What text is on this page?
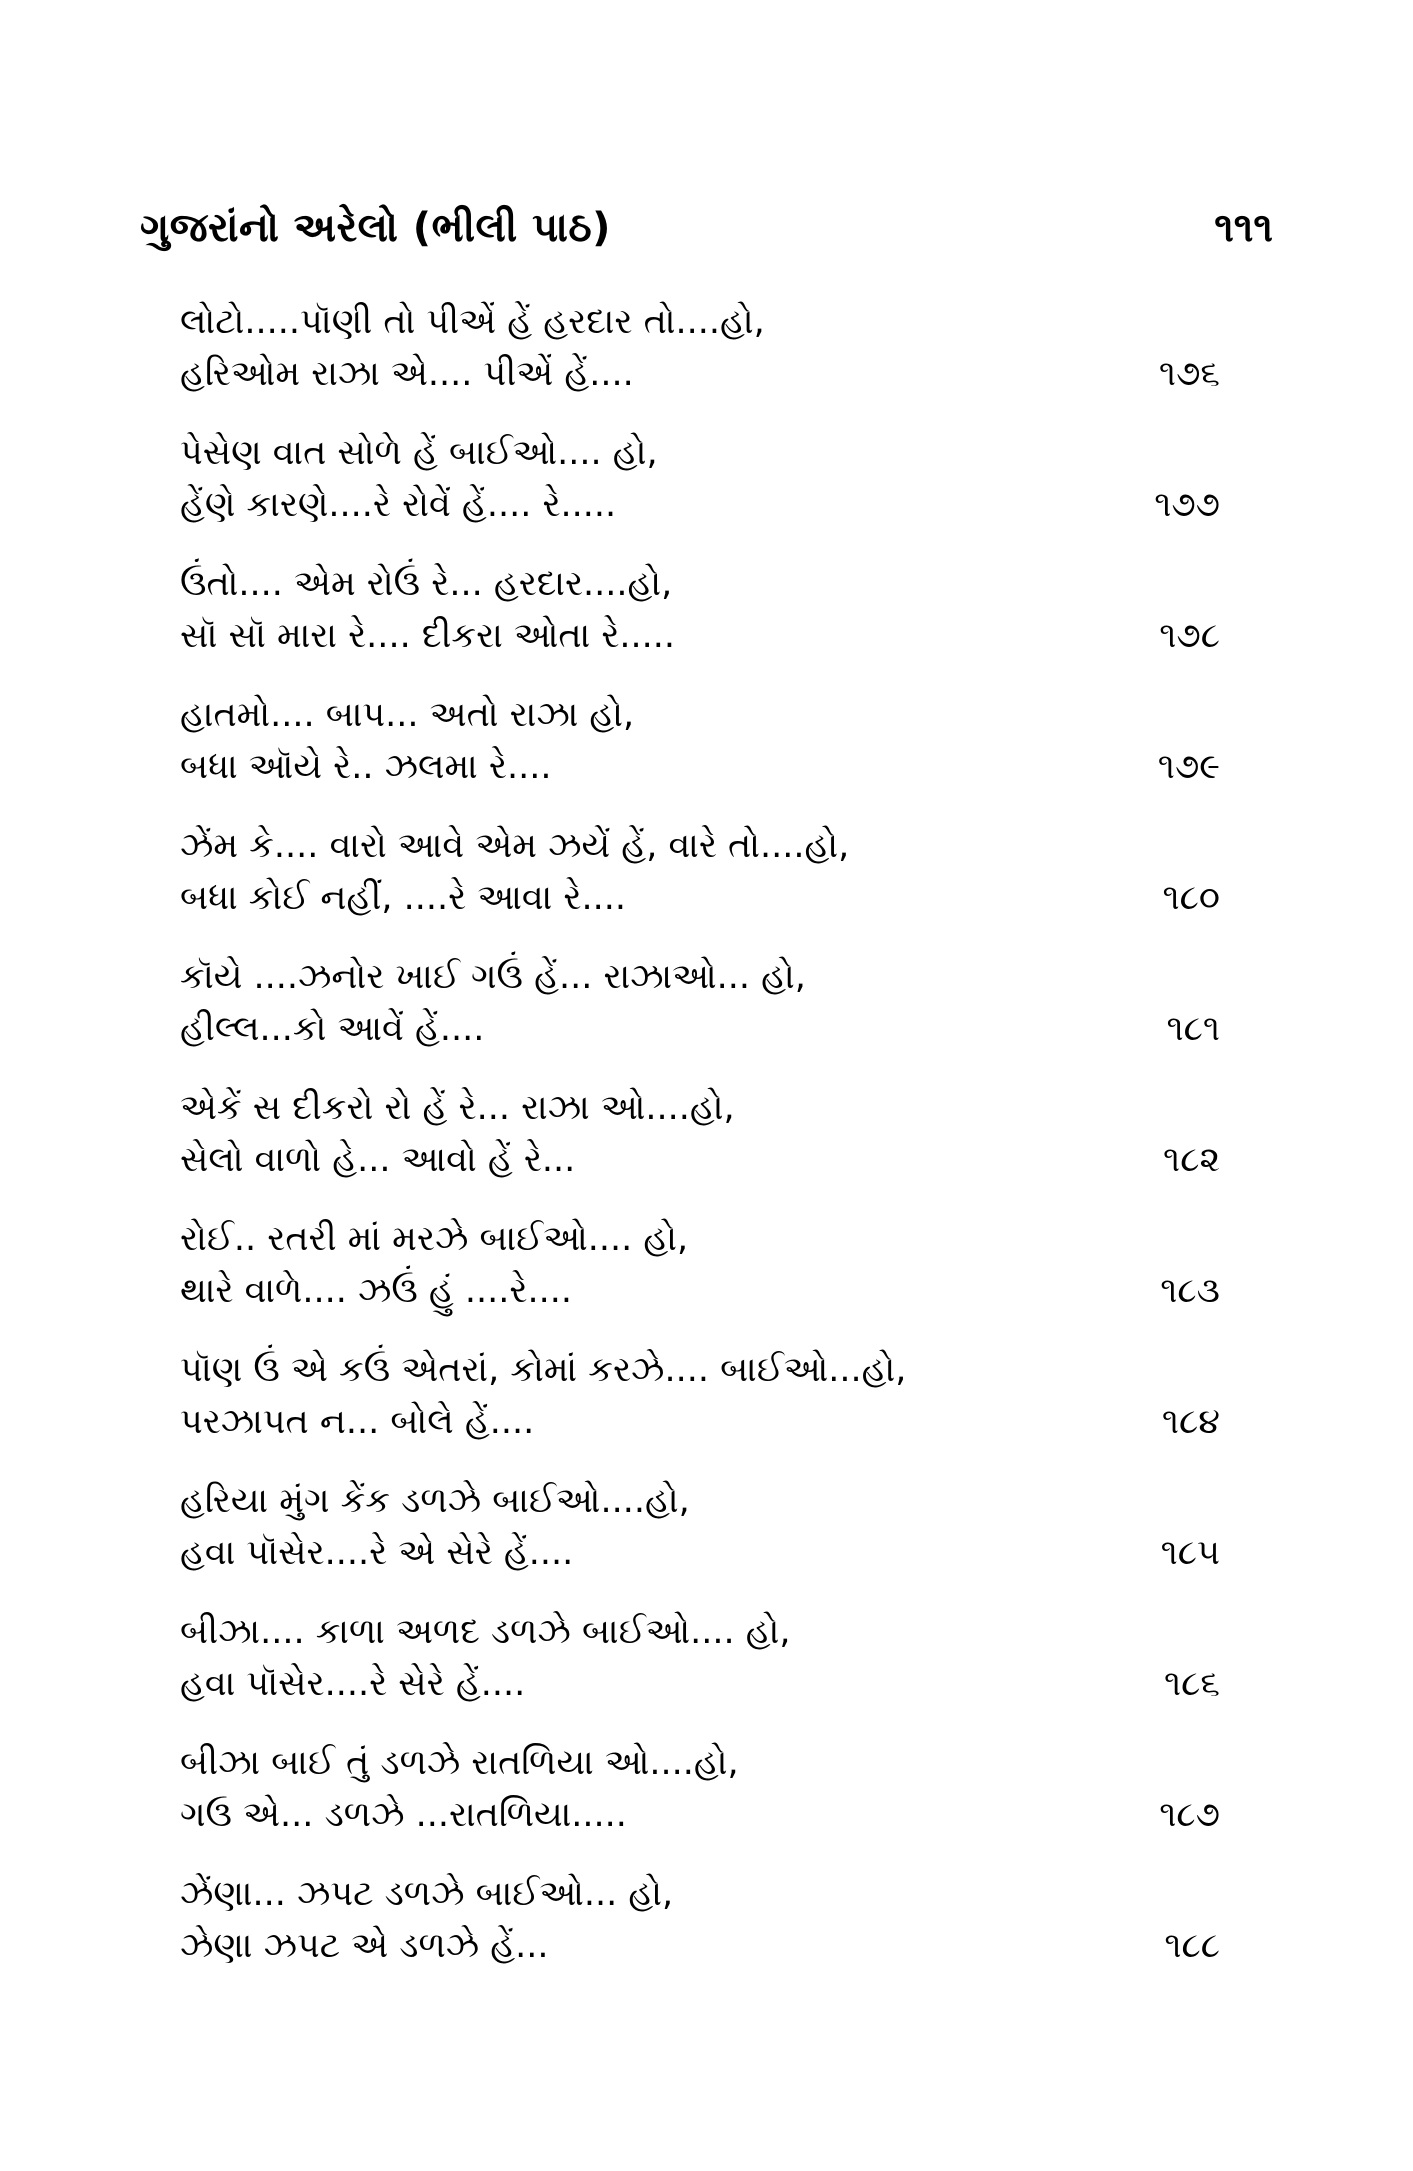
ગુજરાંનો અરેલો (ભીલી પાઠ)	૧૧૧
લોટો.....પૉણી તો પીએં હેં હરદાર તો....હો,
હરિઓમ રાઝા એ.... પીએં હેં....	૧૭૬
પેસેણ વાત સોળે હેં બાઈઓ.... હો,
હેંણે કારણે....રે રોવેં હેં.... રે.....	૧૭૭
ઉંતો.... એમ રોઉં રે... હરદાર....હો,
સૉ સૉ મારા રે.... દીકરા ઓતા રે.....	૧૭૮
હાતમો.... બાપ... અતો રાઝા હો,
બધા ઑયે રે.. ઝલમા રે....	૧૭૯
ઝેંમ કે.... વારો આવે એમ ઝયેં હેં, વારે તો....હો,
બધા કોઈ નહીં, ....રે આવા રે....	૧૮૦
કૉયે ....ઝનોર ખાઈ ગઉં હેં... રાઝાઓ... હો,
હીલ્લ...કો આવેં હેં....	૧૮૧
એકેં સ દીકરો રો હેં રે... રાઝા ઓ....હો,
સેલો વાળો હે... આવો હેં રે...	૧૮૨
રોઈ.. રતરી માં મરઝે બાઈઓ.... હો,
થારે વાળે.... ઝઉં હું ....રે....	૧૮૩
પૉણ ઉં એ કઉં એતરાં, કોમાં કરઝે.... બાઈઓ...હો,
પરઝાપત ન... બોલે હેં....	૧૮૪
હરિયા મુંગ કેંક ડળઝે બાઈઓ....હો,
હવા પૉસેર....રે એ સેરે હેં....	૧૮૫
બીઝા.... કાળા અળદ ડળઝે બાઈઓ.... હો,
હવા પૉસેર....રે સેરે હેં....	૧૮૬
બીઝા બાઈ તું ડળઝે રાતળિયા ઓ....હો,
ગઉ એ... ડળઝે ...રાતળિયા.....	૧૮૭
ઝેંણા... ઝપટ ડળઝે બાઈઓ... હો,
ઝેણા ઝપટ એ ડળઝે હેં...	૧૮૮
